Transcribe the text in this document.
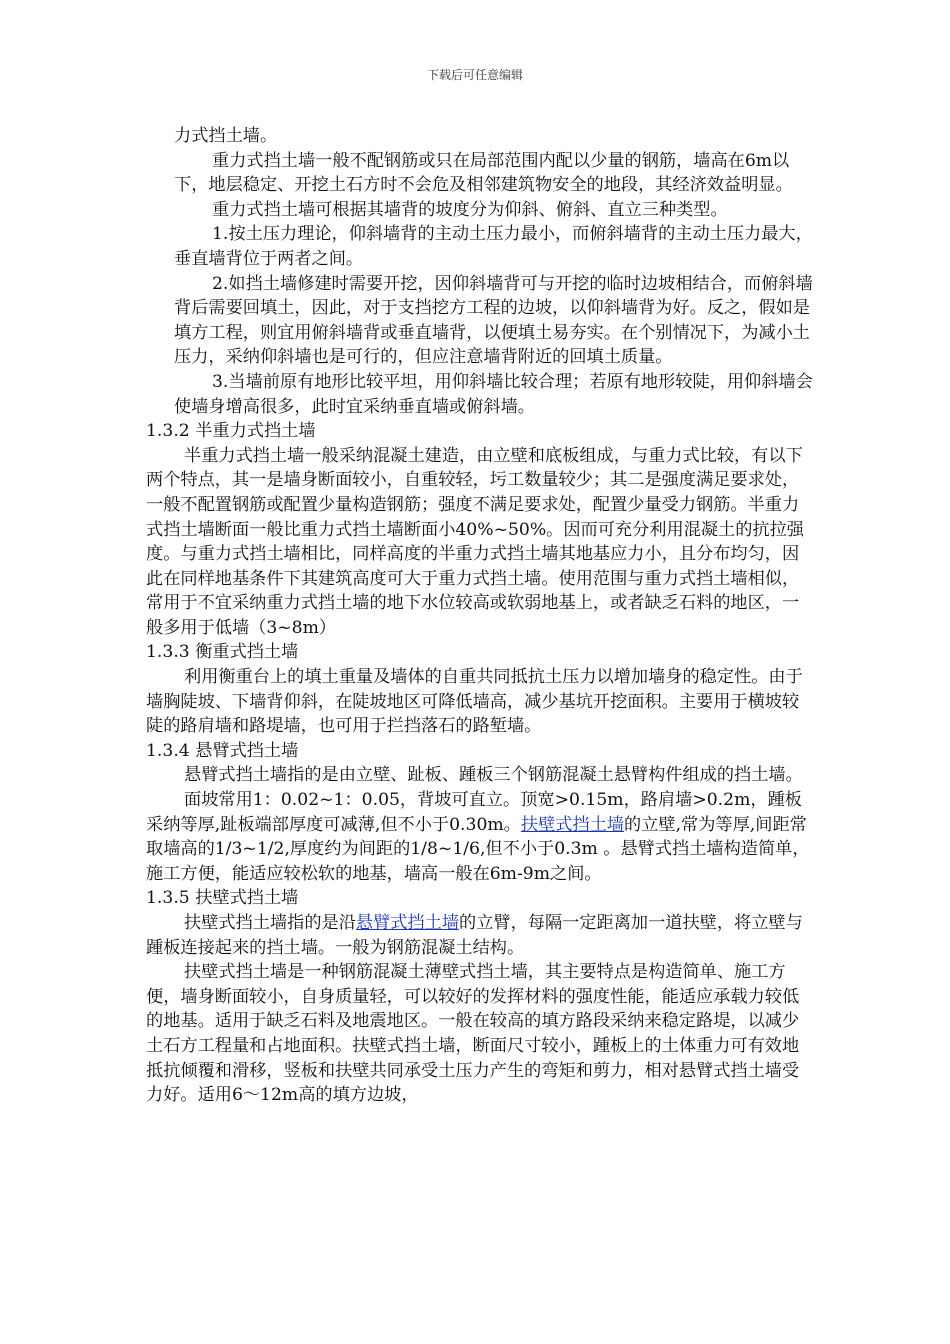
下载后可任意编辑

力式挡土墙。

重力式挡土墙一般不配钢筋或只在局部范围内配以少量的钢筋，墙高在6m以下，地层稳定、开挖土石方时不会危及相邻建筑物安全的地段，其经济效益明显。

重力式挡土墙可根据其墙背的坡度分为仰斜、俯斜、直立三种类型。

1.按土压力理论，仰斜墙背的主动土压力最小，而俯斜墙背的主动土压力最大，垂直墙背位于两者之间。

2.如挡土墙修建时需要开挖，因仰斜墙背可与开挖的临时边坡相结合，而俯斜墙背后需要回填土，因此，对于支挡挖方工程的边坡，以仰斜墙背为好。反之，假如是填方工程，则宜用俯斜墙背或垂直墙背，以便填土易夯实。在个别情况下，为减小土压力，采纳仰斜墙也是可行的，但应注意墙背附近的回填土质量。

3.当墙前原有地形比较平坦，用仰斜墙比较合理；若原有地形较陡，用仰斜墙会使墙身增高很多，此时宜采纳垂直墙或俯斜墙。

1.3.2 半重力式挡土墙

半重力式挡土墙一般采纳混凝土建造，由立壁和底板组成，与重力式比较，有以下两个特点，其一是墙身断面较小，自重较轻，圬工数量较少；其二是强度满足要求处，一般不配置钢筋或配置少量构造钢筋；强度不满足要求处，配置少量受力钢筋。半重力式挡土墙断面一般比重力式挡土墙断面小40%~50%。因而可充分利用混凝土的抗拉强度。与重力式挡土墙相比，同样高度的半重力式挡土墙其地基应力小，且分布均匀，因此在同样地基条件下其建筑高度可大于重力式挡土墙。使用范围与重力式挡土墙相似，常用于不宜采纳重力式挡土墙的地下水位较高或软弱地基上，或者缺乏石料的地区，一般多用于低墙（3~8m）

1.3.3 衡重式挡土墙

利用衡重台上的填土重量及墙体的自重共同抵抗土压力以增加墙身的稳定性。由于墙胸陡坡、下墙背仰斜，在陡坡地区可降低墙高，减少基坑开挖面积。主要用于横坡较陡的路肩墙和路堤墙，也可用于拦挡落石的路堑墙。

1.3.4 悬臂式挡土墙

悬臂式挡土墙指的是由立壁、趾板、踵板三个钢筋混凝土悬臂构件组成的挡土墙。

面坡常用1：0.02~1：0.05，背坡可直立。顶宽>0.15m，路肩墙>0.2m，踵板采纳等厚,趾板端部厚度可减薄,但不小于0.30m。扶壁式挡土墙的立壁,常为等厚,间距常取墙高的1/3~1/2,厚度约为间距的1/8~1/6,但不小于0.3m 。悬臂式挡土墙构造简单，施工方便，能适应较松软的地基，墙高一般在6m-9m之间。

1.3.5 扶壁式挡土墙

扶壁式挡土墙指的是沿悬臂式挡土墙的立臂，每隔一定距离加一道扶壁，将立壁与踵板连接起来的挡土墙。一般为钢筋混凝土结构。

扶壁式挡土墙是一种钢筋混凝土薄壁式挡土墙，其主要特点是构造简单、施工方便，墙身断面较小，自身质量轻，可以较好的发挥材料的强度性能，能适应承载力较低的地基。适用于缺乏石料及地震地区。一般在较高的填方路段采纳来稳定路堤，以减少土石方工程量和占地面积。扶壁式挡土墙，断面尺寸较小，踵板上的土体重力可有效地抵抗倾覆和滑移，竖板和扶壁共同承受土压力产生的弯矩和剪力，相对悬臂式挡土墙受力好。适用6～12m高的填方边坡，
